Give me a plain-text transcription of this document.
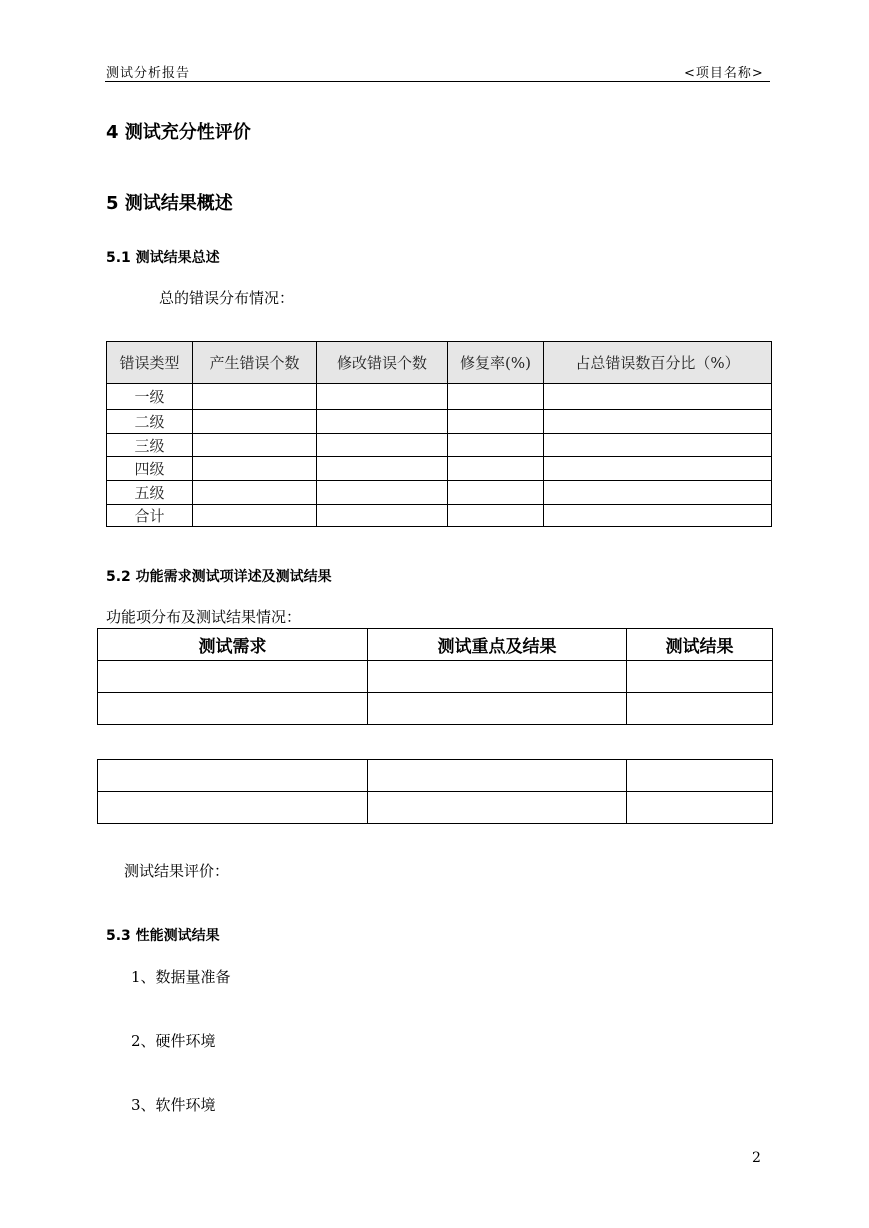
测试分析报告	<项目名称>
4 测试充分性评价
5 测试结果概述
5.1 测试结果总述
总的错误分布情况：
错误类型	产生错误个数	修改错误个数	修复率(%)	占总错误数百分比（%）
一级				
二级				
三级				
四级				
五级				
合计				
5.2 功能需求测试项详述及测试结果
功能项分布及测试结果情况：
测试需求	测试重点及结果	测试结果

测试结果评价：
5.3 性能测试结果
1、数据量准备
2、硬件环境
3、软件环境
2
